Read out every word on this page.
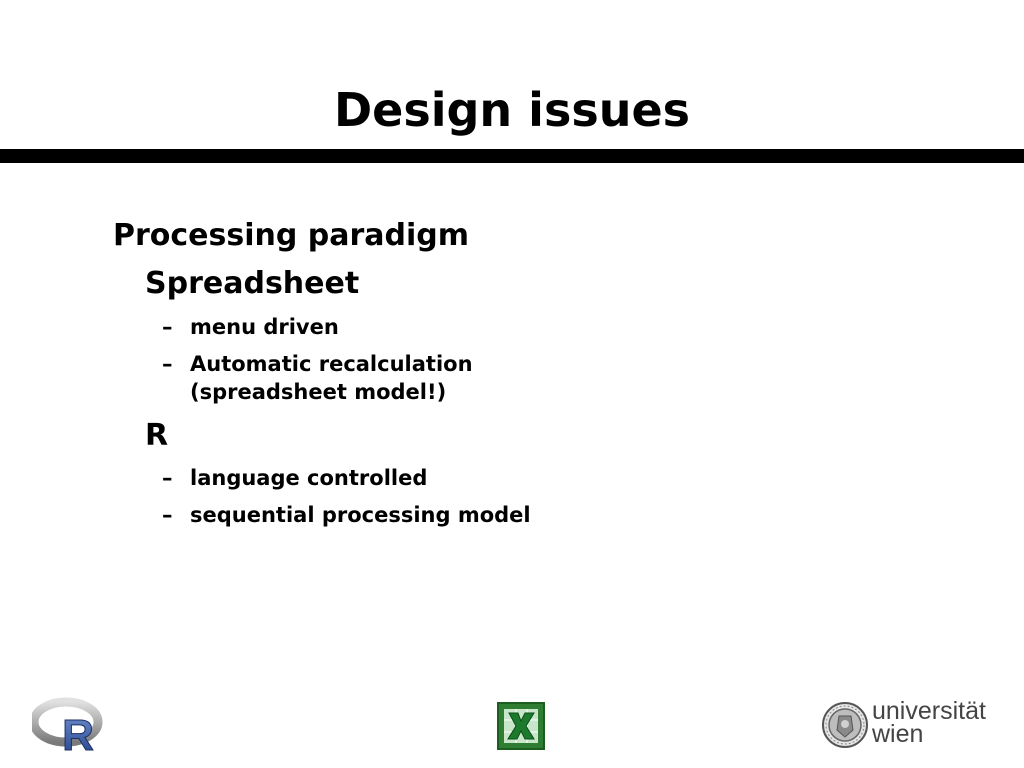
Design issues
Processing paradigm
Spreadsheet
– menu driven
– Automatic recalculation (spreadsheet model!)
R
– language controlled
– sequential processing model
R	universität
wien
